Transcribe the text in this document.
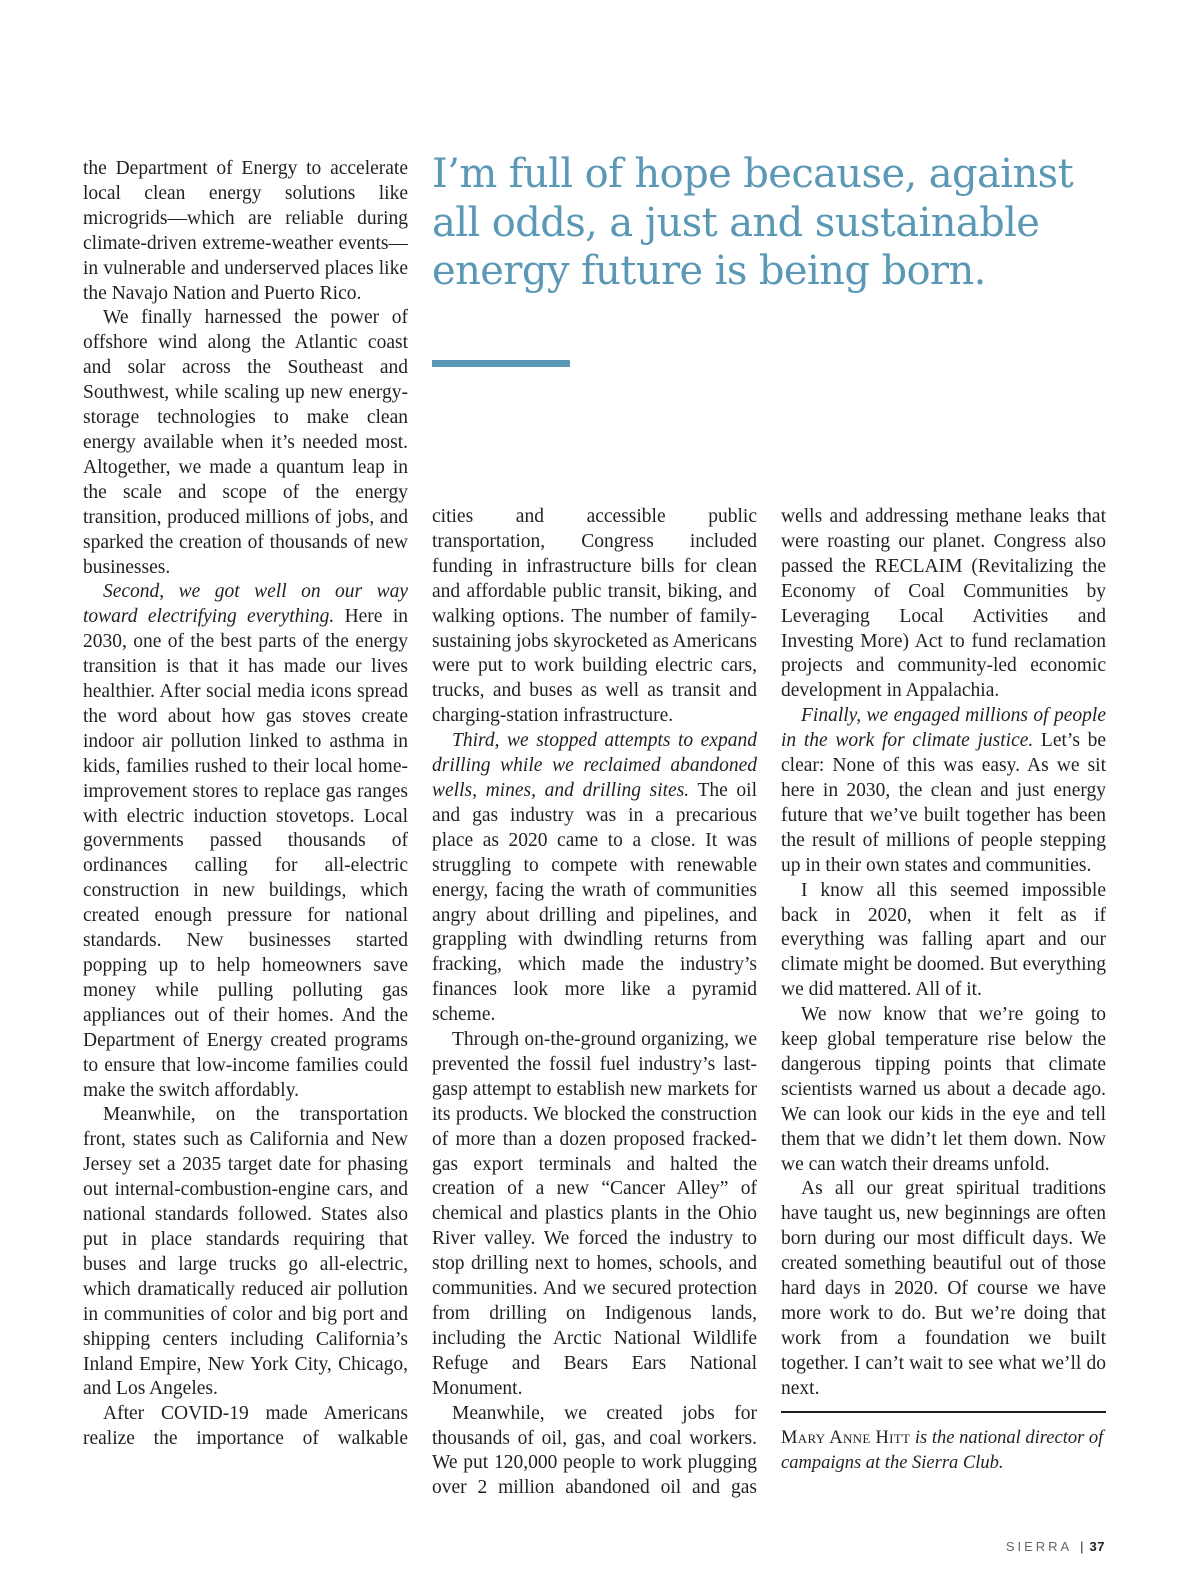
the Department of Energy to accelerate local clean energy solutions like microgrids—which are reliable during climate-driven extreme-weather events—in vulnerable and underserved places like the Navajo Nation and Puerto Rico.

We finally harnessed the power of offshore wind along the Atlantic coast and solar across the Southeast and Southwest, while scaling up new energy-storage technologies to make clean energy available when it’s needed most. Altogether, we made a quantum leap in the scale and scope of the energy transition, produced millions of jobs, and sparked the creation of thousands of new businesses.

Second, we got well on our way toward electrifying everything. Here in 2030, one of the best parts of the energy transition is that it has made our lives healthier. After social media icons spread the word about how gas stoves create indoor air pollution linked to asthma in kids, families rushed to their local home-improvement stores to replace gas ranges with electric induction stovetops. Local governments passed thousands of ordinances calling for all-electric construction in new buildings, which created enough pressure for national standards. New businesses started popping up to help homeowners save money while pulling polluting gas appliances out of their homes. And the Department of Energy created programs to ensure that low-income families could make the switch affordably.

Meanwhile, on the transportation front, states such as California and New Jersey set a 2035 target date for phasing out internal-combustion-engine cars, and national standards followed. States also put in place standards requiring that buses and large trucks go all-electric, which dramatically reduced air pollution in communities of color and big port and shipping centers including California’s Inland Empire, New York City, Chicago, and Los Angeles.

After COVID-19 made Americans realize the importance of walkable

I’m full of hope because, against all odds, a just and sustainable energy future is being born.

cities and accessible public transportation, Congress included funding in infrastructure bills for clean and affordable public transit, biking, and walking options. The number of family-sustaining jobs skyrocketed as Americans were put to work building electric cars, trucks, and buses as well as transit and charging-station infrastructure.

Third, we stopped attempts to expand drilling while we reclaimed abandoned wells, mines, and drilling sites. The oil and gas industry was in a precarious place as 2020 came to a close. It was struggling to compete with renewable energy, facing the wrath of communities angry about drilling and pipelines, and grappling with dwindling returns from fracking, which made the industry’s finances look more like a pyramid scheme.

Through on-the-ground organizing, we prevented the fossil fuel industry’s last-gasp attempt to establish new markets for its products. We blocked the construction of more than a dozen proposed fracked-gas export terminals and halted the creation of a new “Cancer Alley” of chemical and plastics plants in the Ohio River valley. We forced the industry to stop drilling next to homes, schools, and communities. And we secured protection from drilling on Indigenous lands, including the Arctic National Wildlife Refuge and Bears Ears National Monument.

Meanwhile, we created jobs for thousands of oil, gas, and coal workers. We put 120,000 people to work plugging over 2 million abandoned oil and gas

wells and addressing methane leaks that were roasting our planet. Congress also passed the RECLAIM (Revitalizing the Economy of Coal Communities by Leveraging Local Activities and Investing More) Act to fund reclamation projects and community-led economic development in Appalachia.

Finally, we engaged millions of people in the work for climate justice. Let’s be clear: None of this was easy. As we sit here in 2030, the clean and just energy future that we’ve built together has been the result of millions of people stepping up in their own states and communities.

I know all this seemed impossible back in 2020, when it felt as if everything was falling apart and our climate might be doomed. But everything we did mattered. All of it.

We now know that we’re going to keep global temperature rise below the dangerous tipping points that climate scientists warned us about a decade ago. We can look our kids in the eye and tell them that we didn’t let them down. Now we can watch their dreams unfold.

As all our great spiritual traditions have taught us, new beginnings are often born during our most difficult days. We created something beautiful out of those hard days in 2020. Of course we have more work to do. But we’re doing that work from a foundation we built together. I can’t wait to see what we’ll do next.

Mary Anne Hitt is the national director of campaigns at the Sierra Club.
SIERRA | 37
